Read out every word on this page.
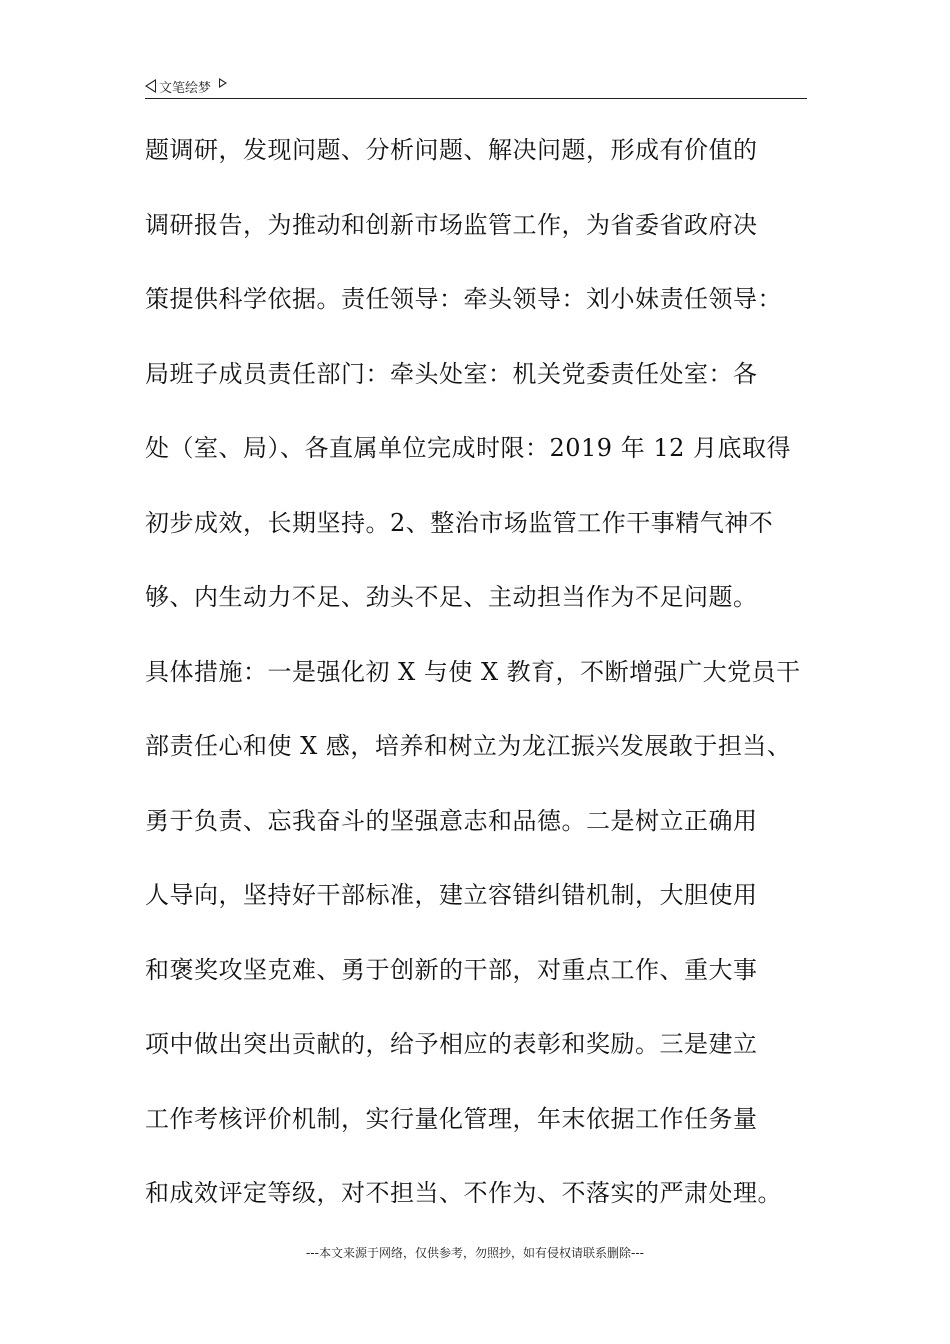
文笔绘梦
题调研，发现问题、分析问题、解决问题，形成有价值的
调研报告，为推动和创新市场监管工作，为省委省政府决
策提供科学依据。责任领导：牵头领导：刘小妹责任领导：
局班子成员责任部门：牵头处室：机关党委责任处室：各
处（室、局）、各直属单位完成时限：2019 年 12 月底取得
初步成效，长期坚持。2、整治市场监管工作干事精气神不
够、内生动力不足、劲头不足、主动担当作为不足问题。
具体措施：一是强化初 X 与使 X 教育，不断增强广大党员干
部责任心和使 X 感，培养和树立为龙江振兴发展敢于担当、
勇于负责、忘我奋斗的坚强意志和品德。二是树立正确用
人导向，坚持好干部标准，建立容错纠错机制，大胆使用
和褒奖攻坚克难、勇于创新的干部，对重点工作、重大事
项中做出突出贡献的，给予相应的表彰和奖励。三是建立
工作考核评价机制，实行量化管理，年末依据工作任务量
和成效评定等级，对不担当、不作为、不落实的严肃处理。
---本文来源于网络，仅供参考，勿照抄，如有侵权请联系删除---
